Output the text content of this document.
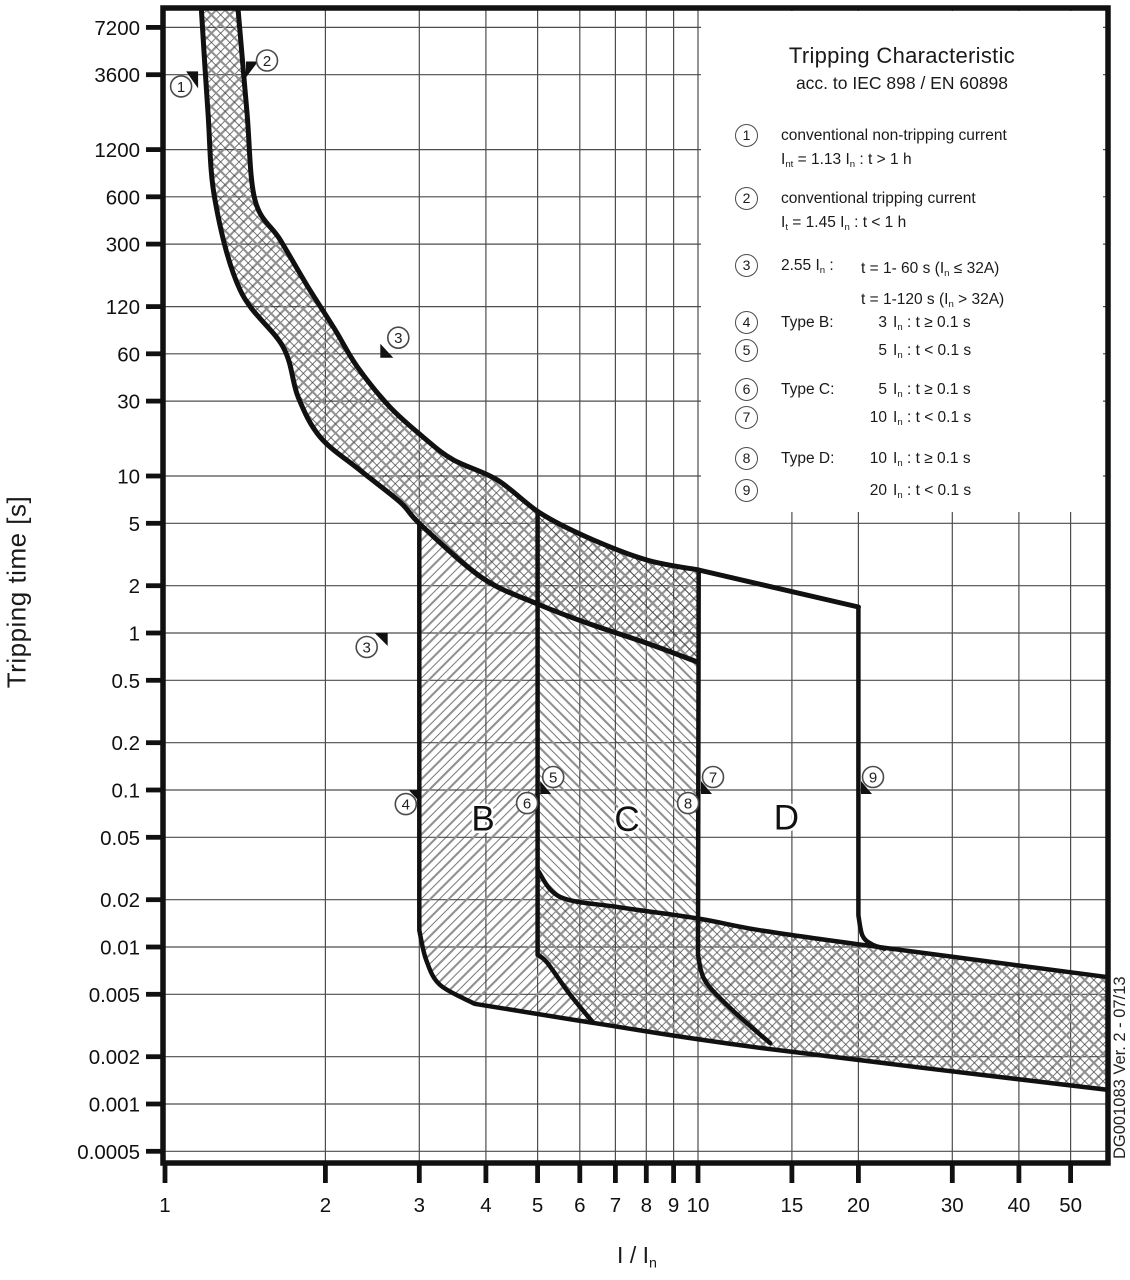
7200
3600
1200
600
300
120
60
30
10
5
2
1
0.5
0.2
0.1
0.05
0.02
0.01
0.005
0.002
0.001
0.0005
1	2	3	4 5 6 7 8 9 10	15 20	30 40 50
B	C	D
1
2
3
3
4
5
6
7
8
9
Tripping time [s]
I / $I_n$
DG001083 Ver. 2 - 07/13
Tripping Characteristic
acc. to IEC 898 / EN 60898
1	conventional non-tripping current
$I_{nt} = 1.13$ $I_n$ : t > 1 h
2	conventional tripping current
$I_t = 1.45$ $I_n$ : t < 1 h
3	2.55 $I_n$ :	t = 1- 60 s $(I_n \le 32A)$
t = 1-120 s $(I_n > 32A)$
4	Type B:	3 $I_n$ : t ≥ 0.1 s
5	5 $I_n$ : t < 0.1 s
6	Type C:	5 $I_n$ : t ≥ 0.1 s
7	10 $I_n$ : t < 0.1 s
8	Type D:	10 $I_n$ : t ≥ 0.1 s
9	20 $I_n$ : t < 0.1 s
